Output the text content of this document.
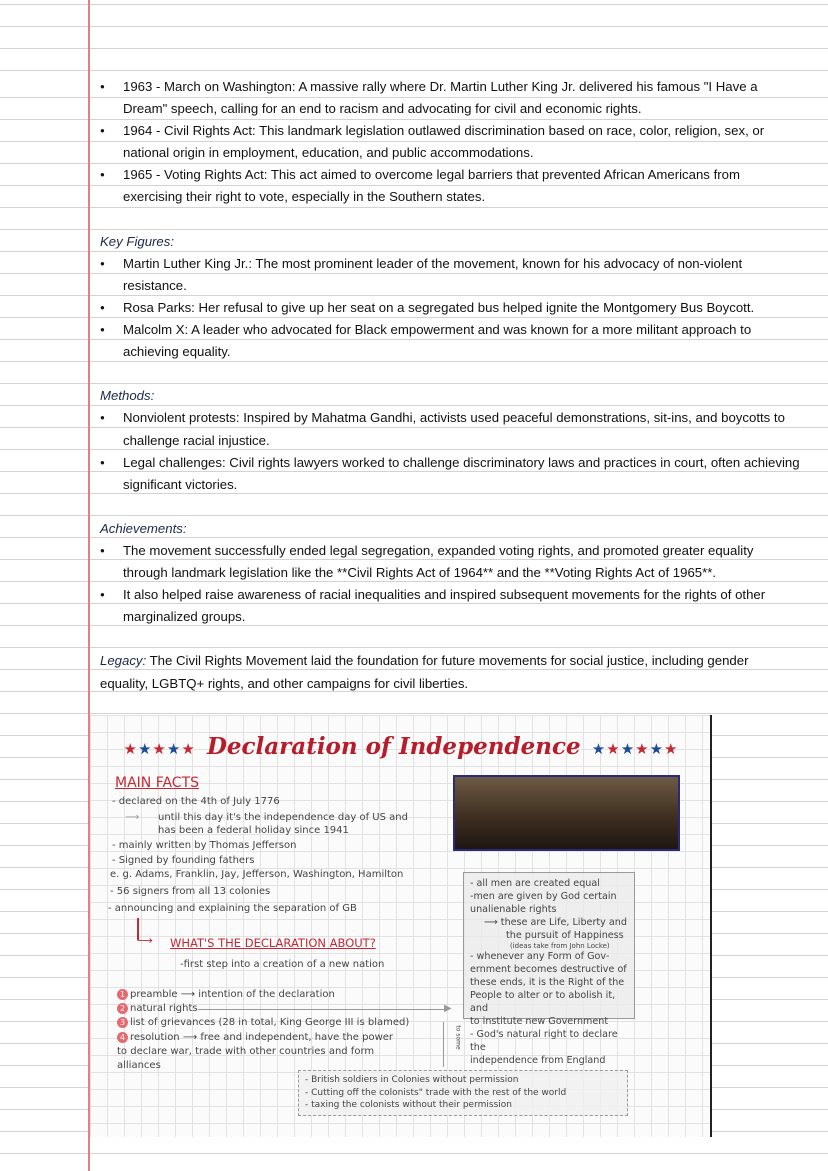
● 1963 - March on Washington: A massive rally where Dr. Martin Luther King Jr. delivered his famous "I Have a Dream" speech, calling for an end to racism and advocating for civil and economic rights.
● 1964 - Civil Rights Act: This landmark legislation outlawed discrimination based on race, color, religion, sex, or national origin in employment, education, and public accommodations.
● 1965 - Voting Rights Act: This act aimed to overcome legal barriers that prevented African Americans from exercising their right to vote, especially in the Southern states.
Key Figures:
● Martin Luther King Jr.: The most prominent leader of the movement, known for his advocacy of non-violent resistance.
● Rosa Parks: Her refusal to give up her seat on a segregated bus helped ignite the Montgomery Bus Boycott.
● Malcolm X: A leader who advocated for Black empowerment and was known for a more militant approach to achieving equality.
Methods:
● Nonviolent protests: Inspired by Mahatma Gandhi, activists used peaceful demonstrations, sit-ins, and boycotts to challenge racial injustice.
● Legal challenges: Civil rights lawyers worked to challenge discriminatory laws and practices in court, often achieving significant victories.
Achievements:
● The movement successfully ended legal segregation, expanded voting rights, and promoted greater equality through landmark legislation like the **Civil Rights Act of 1964** and the **Voting Rights Act of 1965**.
● It also helped raise awareness of racial inequalities and inspired subsequent movements for the rights of other marginalized groups.
Legacy: The Civil Rights Movement laid the foundation for future movements for social justice, including gender equality, LGBTQ+ rights, and other campaigns for civil liberties.
★★★★★ Declaration of Independence ★★★★★★
MAIN FACTS
- declared on the 4th of July 1776
⟶ until this day it's the independence day of US and
has been a federal holiday since 1941
- mainly written by Thomas Jefferson
- Signed by founding fathers
e. g. Adams, Franklin, Jay, Jefferson, Washington, Hamilton
- 56 signers from all 13 colonies
- announcing and explaining the separation of GB
⟶ WHAT'S THE DECLARATION ABOUT?
-first step into a creation of a new nation
1 preamble ⟶ intention of the declaration
2 natural rights	▶
3 list of grievances (28 in total, King George III is blamed)
to some
4 resolution ⟶ free and independent, have the power
to declare war, trade with other countries and form
alliances
- all men are created equal
-men are given by God certain
unalienable rights
⟶ these are Life, Liberty and
the pursuit of Happiness
(ideas take from John Locke)
- whenever any Form of Gov-
ernment becomes destructive of
these ends, it is the Right of the
People to alter or to abolish it, and
to institute new Government
- God's natural right to declare the
independence from England
- British soldiers in Colonies without permission
- Cutting off the colonists" trade with the rest of the world
- taxing the colonists without their permission
